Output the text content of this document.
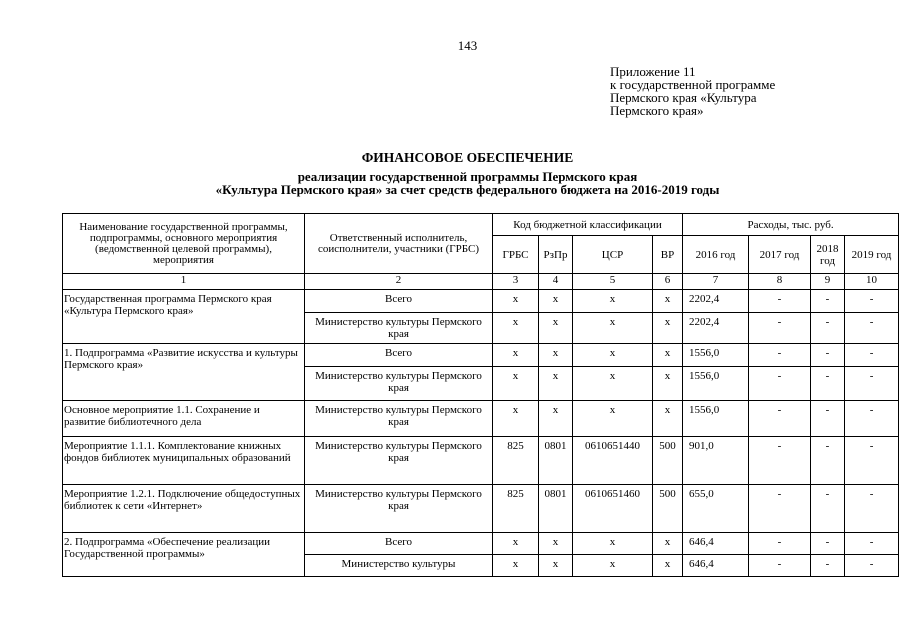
143
Приложение 11
к государственной программе
Пермского края «Культура
Пермского края»
ФИНАНСОВОЕ ОБЕСПЕЧЕНИЕ
реализации государственной программы Пермского края
«Культура Пермского края» за счет средств федерального бюджета на 2016-2019 годы
Наименование государственной программы, подпрограммы, основного мероприятия (ведомственной целевой программы), мероприятия	Ответственный исполнитель, соисполнители, участники (ГРБС)	Код бюджетной классификации				Расходы, тыс. руб.			
		ГРБС	РзПр	ЦСР	ВР	2016 год	2017 год	2018 год	2019 год
1	2	3	4	5	6	7	8	9	10
Государственная программа Пермского края «Культура Пермского края»	Всего	x	x	x	x	2202,4	-	-	-
	Министерство культуры Пермского края	x	x	x	x	2202,4	-	-	-
1. Подпрограмма «Развитие искусства и культуры Пермского края»	Всего	x	x	x	x	1556,0	-	-	-
	Министерство культуры Пермского края	x	x	x	x	1556,0	-	-	-
Основное мероприятие 1.1. Сохранение и развитие библиотечного дела	Министерство культуры Пермского края	x	x	x	x	1556,0	-	-	-
Мероприятие 1.1.1. Комплектование книжных фондов библиотек муниципальных образований	Министерство культуры Пермского края	825	0801	0610651440	500	901,0	-	-	-
Мероприятие 1.2.1. Подключение общедоступных библиотек к сети «Интернет»	Министерство культуры Пермского края	825	0801	0610651460	500	655,0	-	-	-
2. Подпрограмма «Обеспечение реализации Государственной программы»	Всего	x	x	x	x	646,4	-	-	-
	Министерство культуры	x	x	x	x	646,4	-	-	-
